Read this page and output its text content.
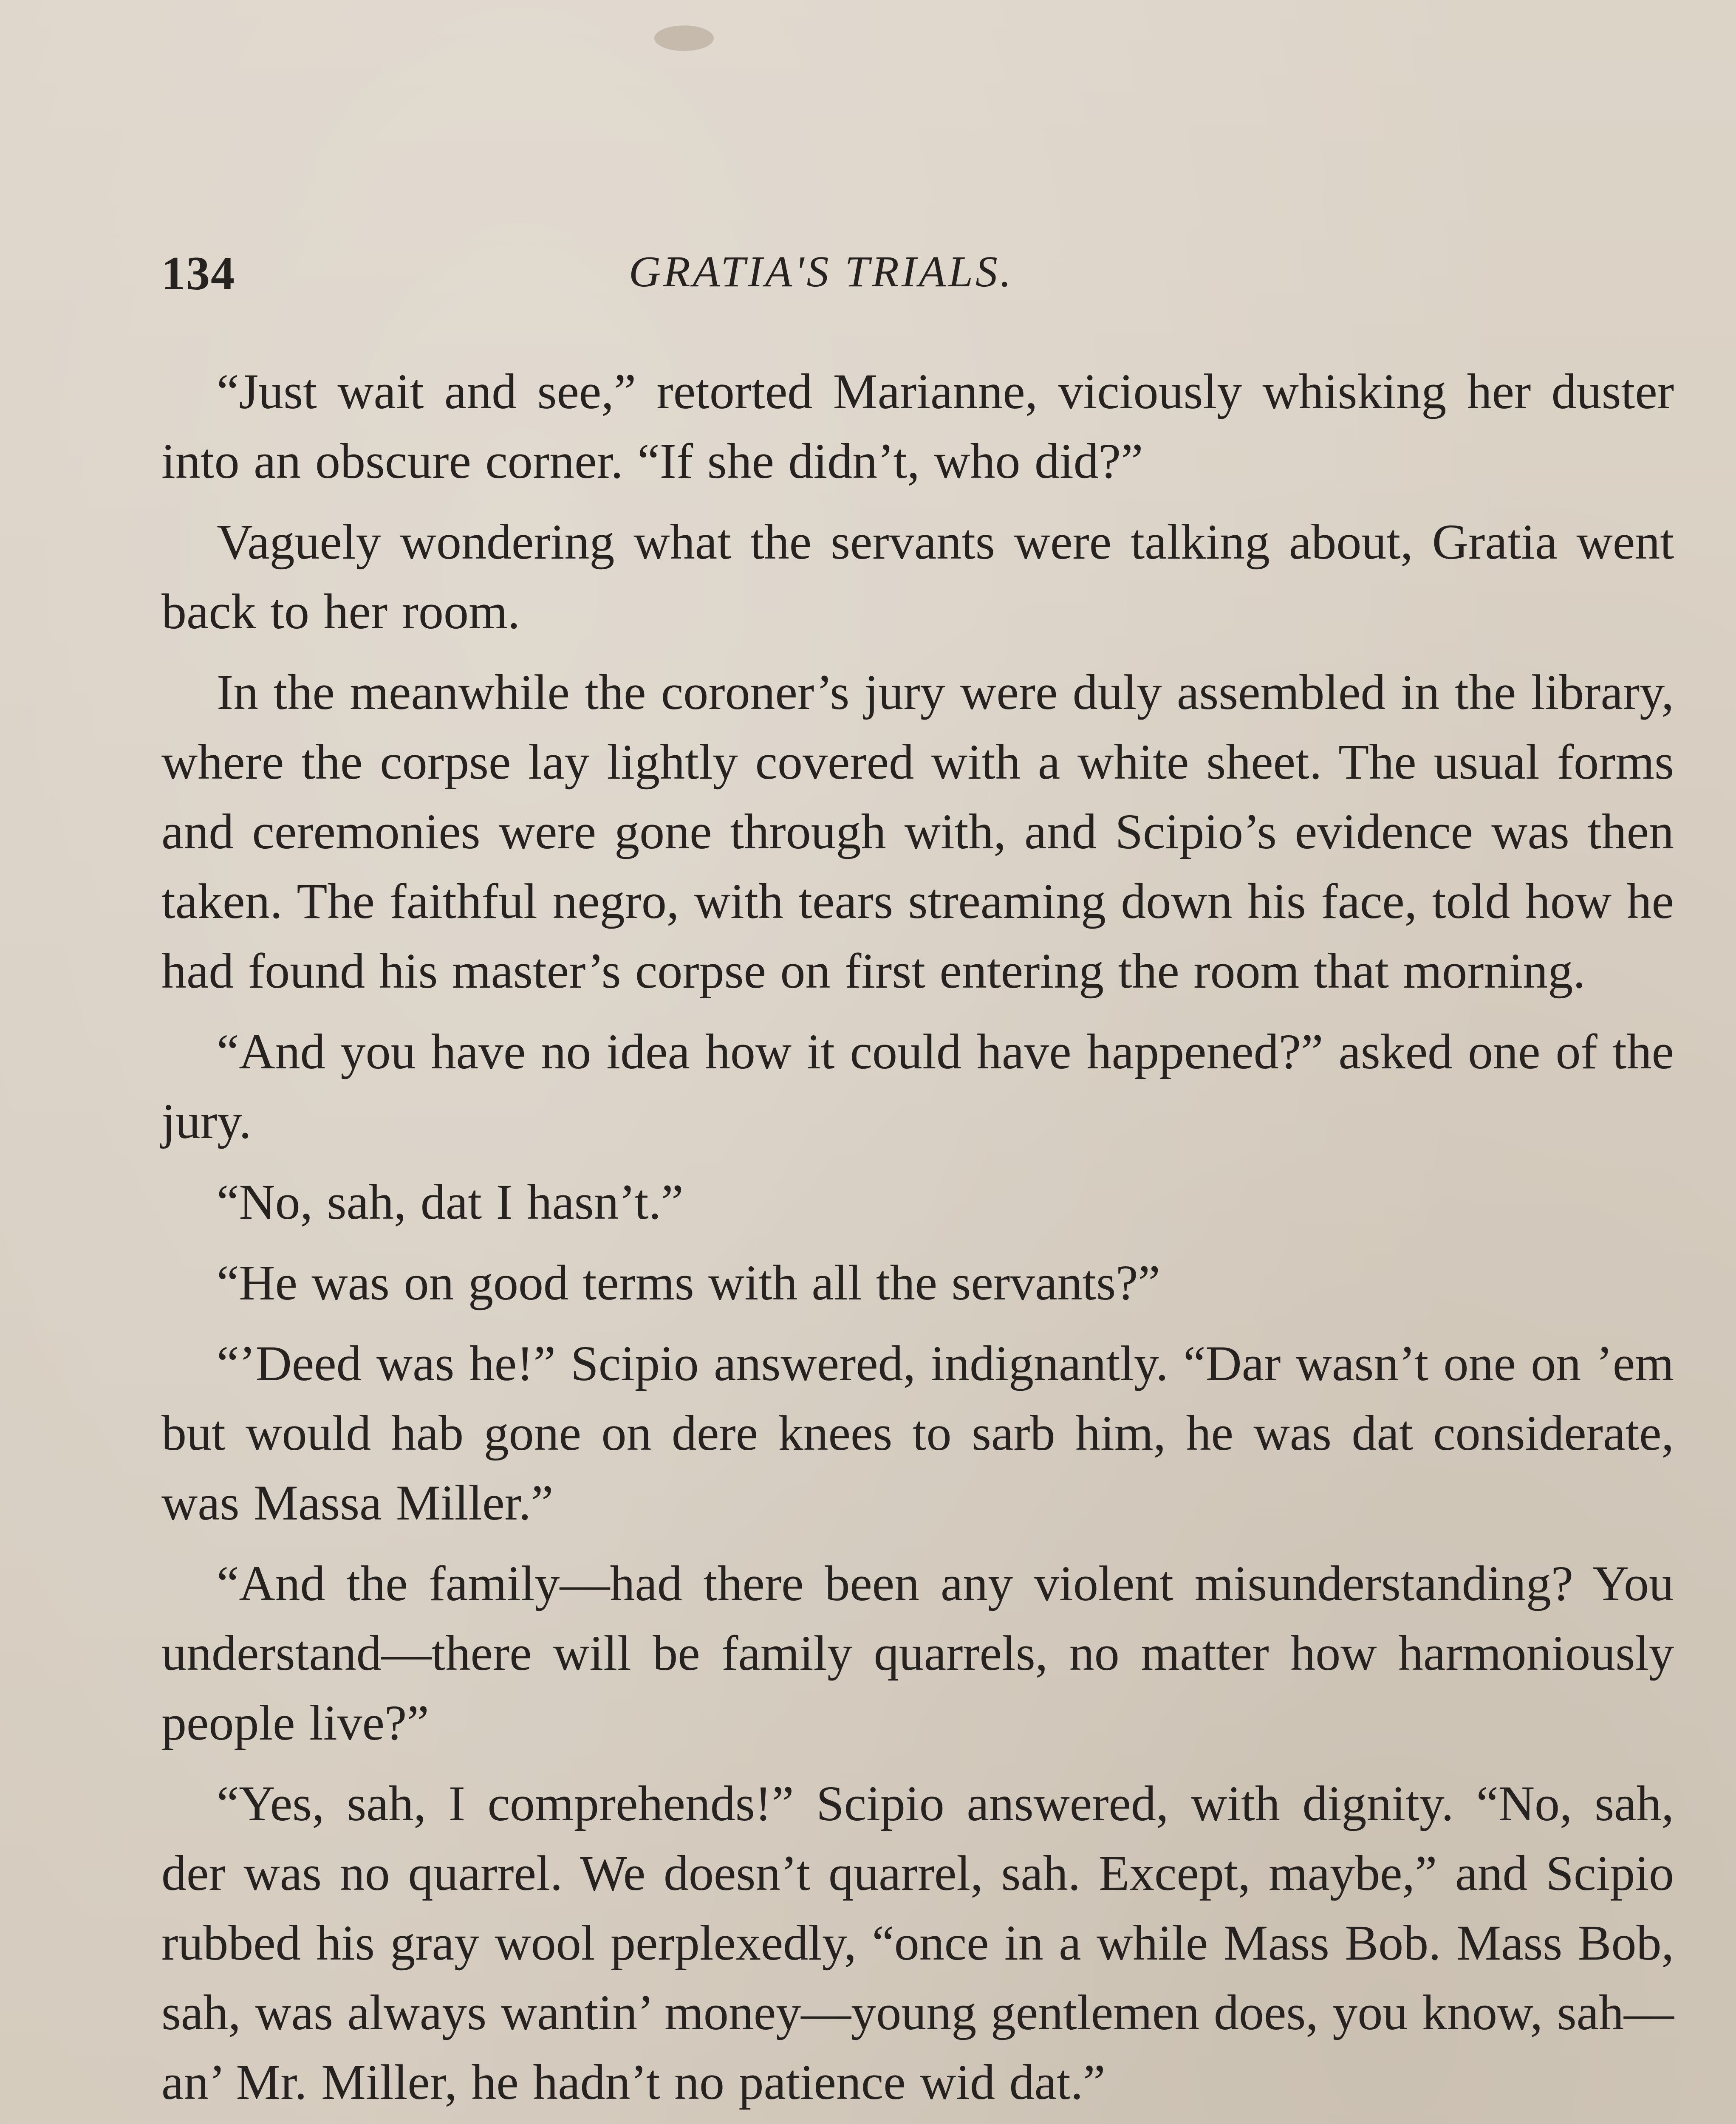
134	GRATIA'S TRIALS.

“Just wait and see,” retorted Marianne, viciously whisking her duster into an obscure corner. “If she didn’t, who did?”

Vaguely wondering what the servants were talking about, Gratia went back to her room.

In the meanwhile the coroner’s jury were duly assembled in the library, where the corpse lay lightly covered with a white sheet. The usual forms and ceremonies were gone through with, and Scipio’s evidence was then taken. The faithful negro, with tears streaming down his face, told how he had found his master’s corpse on first entering the room that morning.

“And you have no idea how it could have happened?” asked one of the jury.

“No, sah, dat I hasn’t.”

“He was on good terms with all the servants?”

“’Deed was he!” Scipio answered, indignantly. “Dar wasn’t one on ’em but would hab gone on dere knees to sarb him, he was dat considerate, was Massa Miller.”

“And the family—had there been any violent misunderstanding? You understand—there will be family quarrels, no matter how harmoniously people live?”

“Yes, sah, I comprehends!” Scipio answered, with dignity. “No, sah, der was no quarrel. We doesn’t quarrel, sah. Except, maybe,” and Scipio rubbed his gray wool perplexedly, “once in a while Mass Bob. Mass Bob, sah, was always wantin’ money—young gentlemen does, you know, sah—an’ Mr. Miller, he hadn’t no patience wid dat.”
